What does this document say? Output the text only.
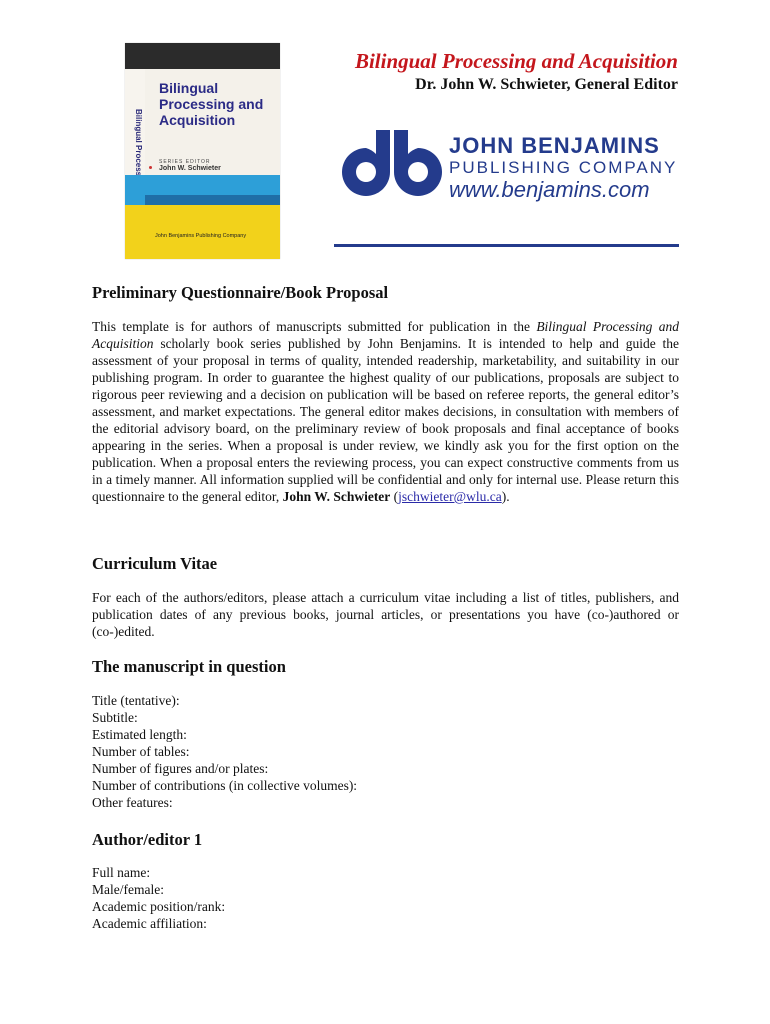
Bilingual Processing and Acquisition
SERIES EDITOR
John W. Schwieter
John Benjamins Publishing Company
Bilingual Processing and Acquisition
Dr. John W. Schwieter, General Editor
JOHN BENJAMINS
PUBLISHING COMPANY
www.benjamins.com
Preliminary Questionnaire/Book Proposal
This template is for authors of manuscripts submitted for publication in the Bilingual Processing and Acquisition scholarly book series published by John Benjamins. It is intended to help and guide the assessment of your proposal in terms of quality, intended readership, marketability, and suitability in our publishing program. In order to guarantee the highest quality of our publications, proposals are subject to rigorous peer reviewing and a decision on publication will be based on referee reports, the general editor’s assessment, and market expectations. The general editor makes decisions, in consultation with members of the editorial advisory board, on the preliminary review of book proposals and final acceptance of books appearing in the series. When a proposal is under review, we kindly ask you for the first option on the publication. When a proposal enters the reviewing process, you can expect constructive comments from us in a timely manner. All information supplied will be confidential and only for internal use. Please return this questionnaire to the general editor, John W. Schwieter (jschwieter@wlu.ca).
Curriculum Vitae
For each of the authors/editors, please attach a curriculum vitae including a list of titles, publishers, and publication dates of any previous books, journal articles, or presentations you have (co-)authored or (co-)edited.
The manuscript in question
Title (tentative):
Subtitle:
Estimated length:
Number of tables:
Number of figures and/or plates:
Number of contributions (in collective volumes):
Other features:
Author/editor 1
Full name:
Male/female:
Academic position/rank:
Academic affiliation:
